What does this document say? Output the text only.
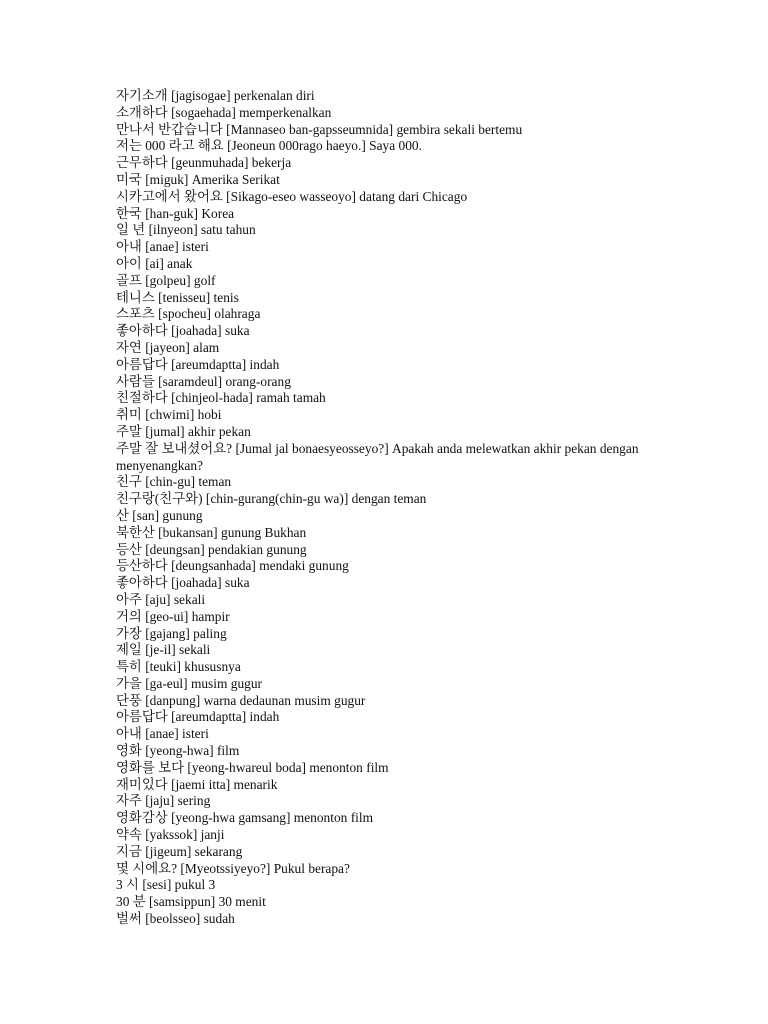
자기소개 [jagisogae] perkenalan diri
소개하다 [sogaehada] memperkenalkan
만나서 반갑습니다 [Mannaseo ban-gapsseumnida] gembira sekali bertemu
저는 000 라고 해요 [Jeoneun 000rago haeyo.] Saya 000.
근무하다 [geunmuhada] bekerja
미국 [miguk] Amerika Serikat
시카고에서 왔어요 [Sikago-eseo wasseoyo] datang dari Chicago
한국 [han-guk] Korea
일 년 [ilnyeon] satu tahun
아내 [anae] isteri
아이 [ai] anak
골프 [golpeu] golf
테니스 [tenisseu] tenis
스포츠 [spocheu] olahraga
좋아하다 [joahada] suka
자연 [jayeon] alam
아름답다 [areumdaptta] indah
사람들 [saramdeul] orang-orang
친절하다 [chinjeol-hada] ramah tamah
취미 [chwimi] hobi
주말 [jumal] akhir pekan
주말 잘 보내셨어요? [Jumal jal bonaesyeosseyo?] Apakah anda melewatkan akhir pekan dengan menyenangkan?
친구 [chin-gu] teman
친구랑(친구와) [chin-gurang(chin-gu wa)] dengan teman
산 [san] gunung
북한산 [bukansan] gunung Bukhan
등산 [deungsan] pendakian gunung
등산하다 [deungsanhada] mendaki gunung
좋아하다 [joahada] suka
아주 [aju] sekali
거의 [geo-ui] hampir
가장 [gajang] paling
제일 [je-il] sekali
특히 [teuki] khususnya
가을 [ga-eul] musim gugur
단풍 [danpung] warna dedaunan musim gugur
아름답다 [areumdaptta] indah
아내 [anae] isteri
영화 [yeong-hwa] film
영화를 보다 [yeong-hwareul boda] menonton film
재미있다 [jaemi itta] menarik
자주 [jaju] sering
영화감상 [yeong-hwa gamsang] menonton film
약속 [yakssok] janji
지금 [jigeum] sekarang
몇 시에요? [Myeotssiyeyo?] Pukul berapa?
3 시 [sesi] pukul 3
30 분 [samsippun] 30 menit
벌써 [beolsseo] sudah
